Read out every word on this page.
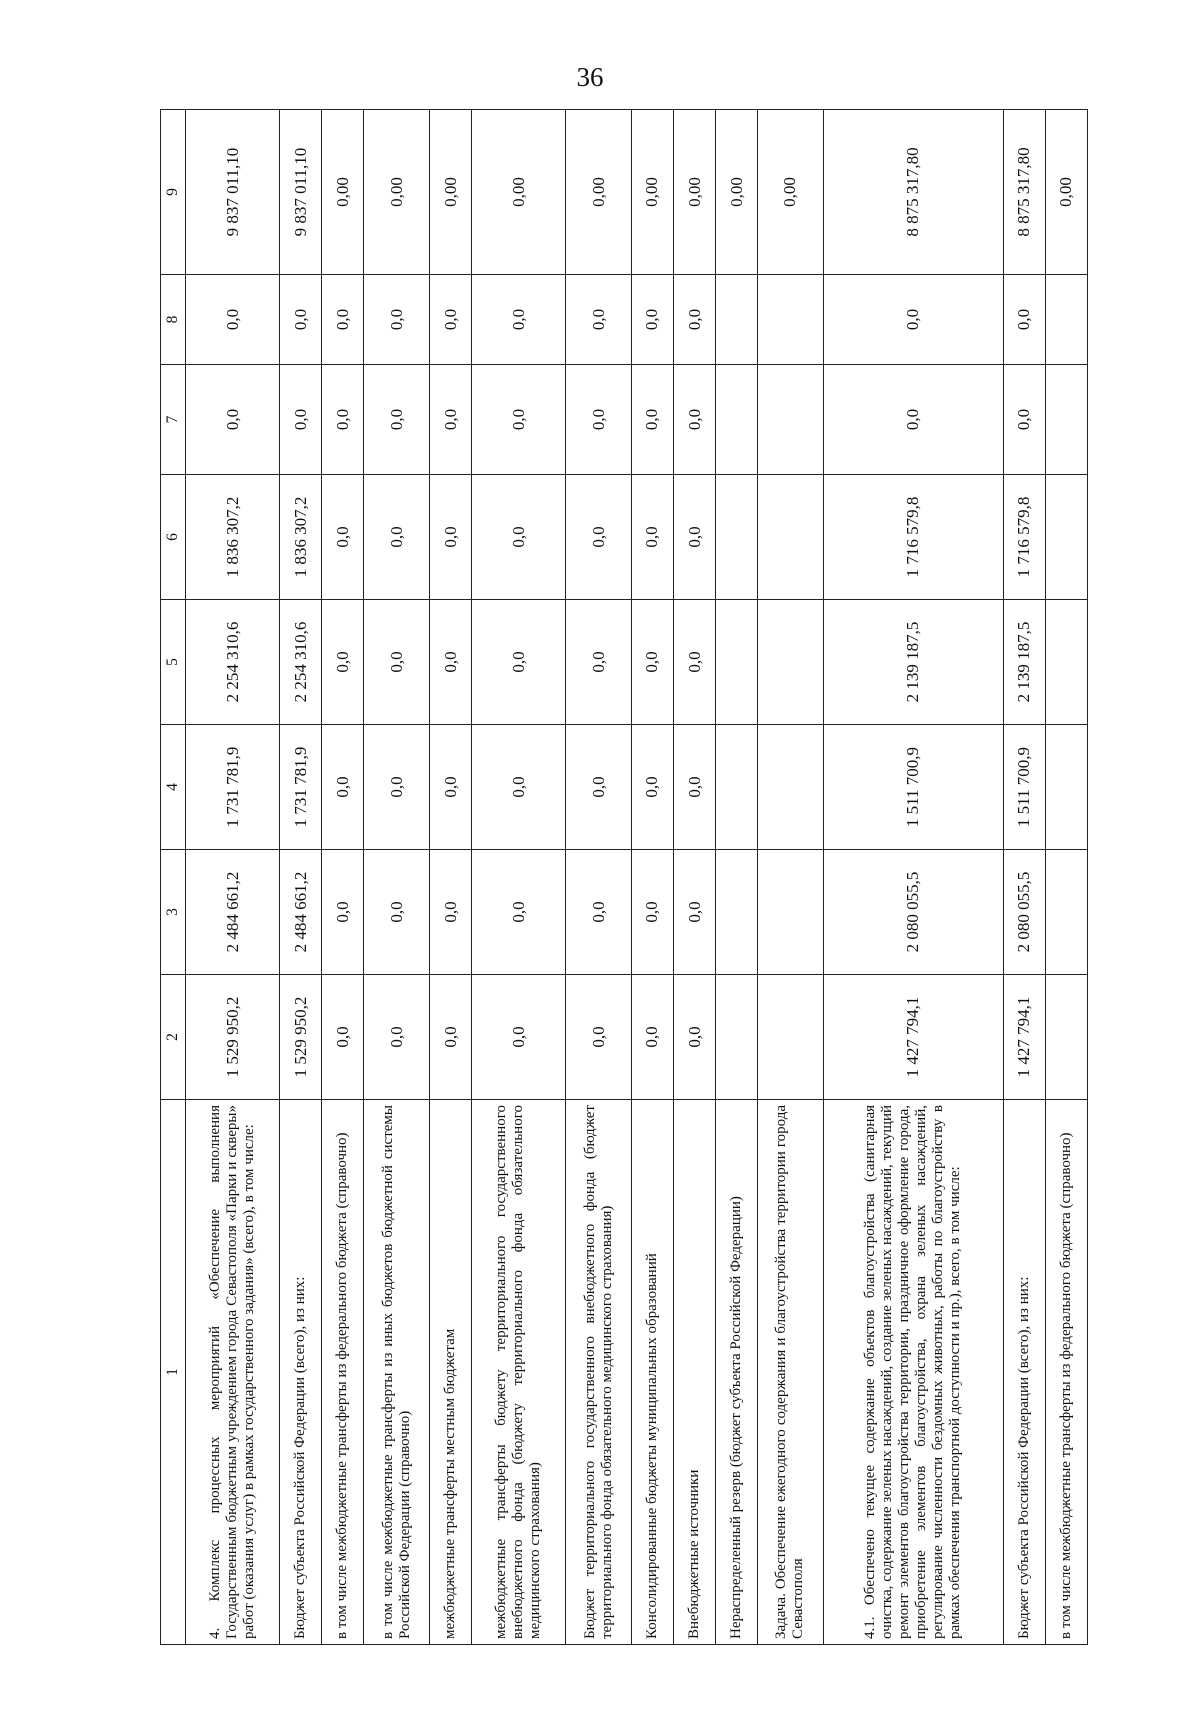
36
1	2	3	4	5	6	7	8	9
4. Комплекс процессных мероприятий «Обеспечение выполнения Государственным бюджетным учреждением города Севастополя «Парки и скверы» работ (оказания услуг) в рамках государственного задания» (всего), в том числе:	1 529 950,2	2 484 661,2	1 731 781,9	2 254 310,6	1 836 307,2	0,0	0,0	9 837 011,10
Бюджет субъекта Российской Федерации (всего), из них:	1 529 950,2	2 484 661,2	1 731 781,9	2 254 310,6	1 836 307,2	0,0	0,0	9 837 011,10
в том числе межбюджетные трансферты из федерального бюджета (справочно)	0,0	0,0	0,0	0,0	0,0	0,0	0,0	0,00
в том числе межбюджетные трансферты из иных бюджетов бюджетной системы Российской Федерации (справочно)	0,0	0,0	0,0	0,0	0,0	0,0	0,0	0,00
межбюджетные трансферты местным бюджетам	0,0	0,0	0,0	0,0	0,0	0,0	0,0	0,00
межбюджетные трансферты бюджету территориального государственного внебюджетного фонда (бюджету территориального фонда обязательного медицинского страхования)	0,0	0,0	0,0	0,0	0,0	0,0	0,0	0,00
Бюджет территориального государственного внебюджетного фонда (бюджет территориального фонда обязательного медицинского страхования)	0,0	0,0	0,0	0,0	0,0	0,0	0,0	0,00
Консолидированные бюджеты муниципальных образований	0,0	0,0	0,0	0,0	0,0	0,0	0,0	0,00
Внебюджетные источники	0,0	0,0	0,0	0,0	0,0	0,0	0,0	0,00
Нераспределенный резерв (бюджет субъекта Российской Федерации)								0,00
Задача. Обеспечение ежегодного содержания и благоустройства территории города Севастополя								0,00
4.1. Обеспечено текущее содержание объектов благоустройства (санитарная очистка, содержание зеленых насаждений, создание зеленых насаждений, текущий ремонт элементов благоустройства территории, праздничное оформление города, приобретение элементов благоустройства, охрана зеленых насаждений, регулирование численности бездомных животных, работы по благоустройству в рамках обеспечения транспортной доступности и пр.), всего, в том числе:	1 427 794,1	2 080 055,5	1 511 700,9	2 139 187,5	1 716 579,8	0,0	0,0	8 875 317,80
Бюджет субъекта Российской Федерации (всего), из них:	1 427 794,1	2 080 055,5	1 511 700,9	2 139 187,5	1 716 579,8	0,0	0,0	8 875 317,80
в том числе межбюджетные трансферты из федерального бюджета (справочно)								0,00
